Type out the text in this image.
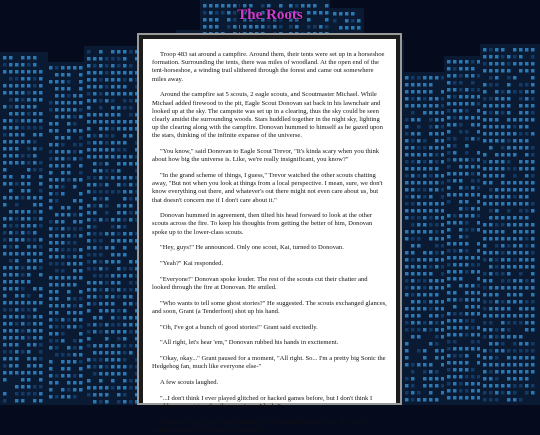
The Roots

Troop 483 sat around a campfire. Around them, their tents were set up in a horseshoe formation. Surrounding the tents, there was miles of woodland. At the open end of the tent-horseshoe, a winding trail slithered through the forest and came out somewhere miles away.

Around the campfire sat 5 scouts, 2 eagle scouts, and Scoutmaster Michael. While Michael added firewood to the pit, Eagle Scout Donovan sat back in his lawnchair and looked up at the sky. The campsite was set up in a clearing, thus the sky could be seen clearly amidst the surrounding woods. Stars huddled together in the night sky, lighting up the clearing along with the campfire. Donovan hummed to himself as he gazed upon the stars, thinking of the infinite expanse of the universe.

"You know," said Donovan to Eagle Scout Trevor, "It's kinda scary when you think about how big the universe is. Like, we're really insignificant, you know?"

"In the grand scheme of things, I guess," Trevor watched the other scouts chatting away, "But not when you look at things from a local perspective. I mean, sure, we don't know everything out there, and whatever's out there might not even care about us, but that doesn't concern me if I don't care about it."

Donovan hummed in agreement, then tilted his head forward to look at the other scouts across the fire. To keep his thoughts from getting the better of him, Donovan spoke up to the lower-class scouts.

"Hey, guys!" He announced. Only one scout, Kai, turned to Donovan.

"Yeah?" Kai responded.

"Everyone!" Donovan spoke louder. The rest of the scouts cut their chatter and looked through the fire at Donovan. He smiled.

"Who wants to tell some ghost stories?" He suggested. The scouts exchanged glances, and soon, Grant (a Tenderfoot) shot up his hand.

"Oh, I've got a bunch of good stories!" Grant said excitedly.

"All right, let's hear 'em," Donovan rubbed his hands in excitement.

"Okay, okay..." Grant paused for a moment, "All right. So... I'm a pretty big Sonic the Hedgehog fan, much like everyone else-"

A few scouts laughed.

"...I don't think I ever played glitched or hacked games before, but I don't think I would ever want to, after the experience I had..."

"Question." Kyle, who was sitting next to Grant, interrupted, "This, uh... This wouldn't happen to be sonic.exe, would it?"
